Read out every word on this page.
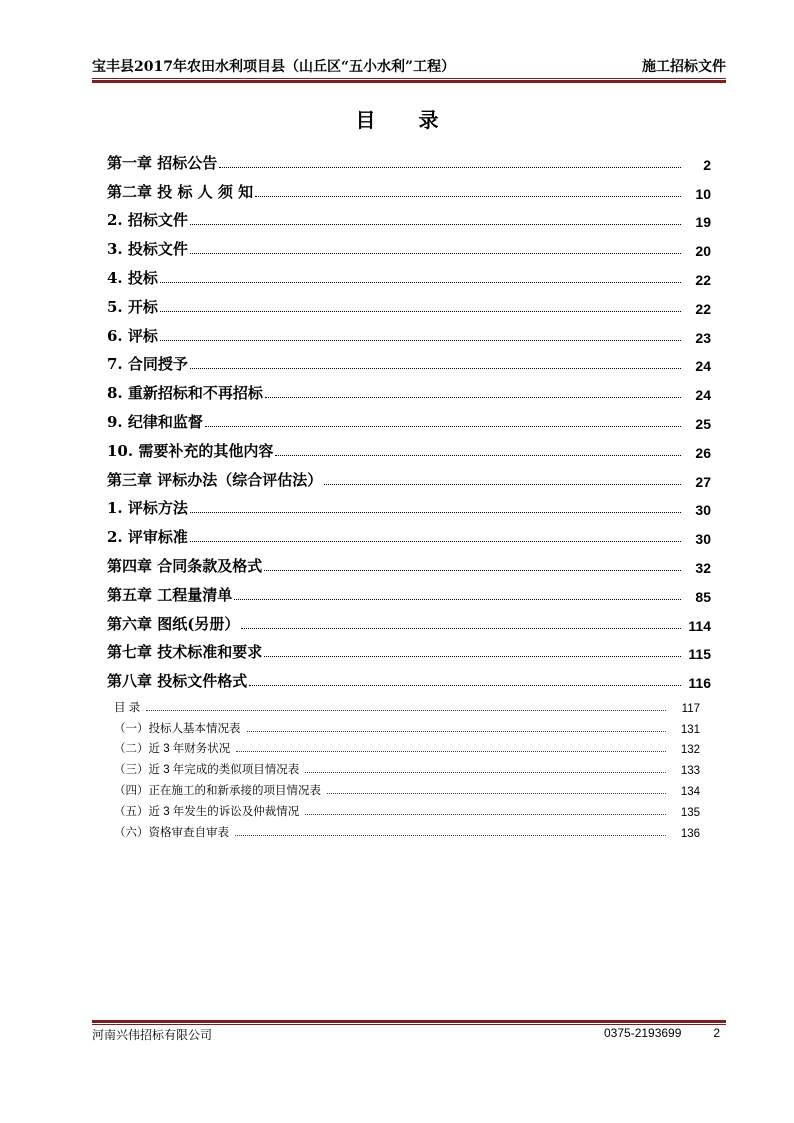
宝丰县2017年农田水利项目县（山丘区“五小水利”工程）	施工招标文件
目 录
第一章 招标公告	2
第二章 投 标 人 须 知	10
2. 招标文件	19
3. 投标文件	20
4. 投标	22
5. 开标	22
6. 评标	23
7. 合同授予	24
8. 重新招标和不再招标	24
9. 纪律和监督	25
10. 需要补充的其他内容	26
第三章 评标办法（综合评估法）	27
1. 评标方法	30
2. 评审标准	30
第四章 合同条款及格式	32
第五章 工程量清单	85
第六章 图纸(另册）	114
第七章 技术标准和要求	115
第八章 投标文件格式	116
目 录	117
（一）投标人基本情况表	131
（二）近 3 年财务状况	132
（三）近 3 年完成的类似项目情况表	133
（四）正在施工的和新承接的项目情况表	134
（五）近 3 年发生的诉讼及仲裁情况	135
（六）资格审查自审表	136
河南兴伟招标有限公司	0375-2193699	2
